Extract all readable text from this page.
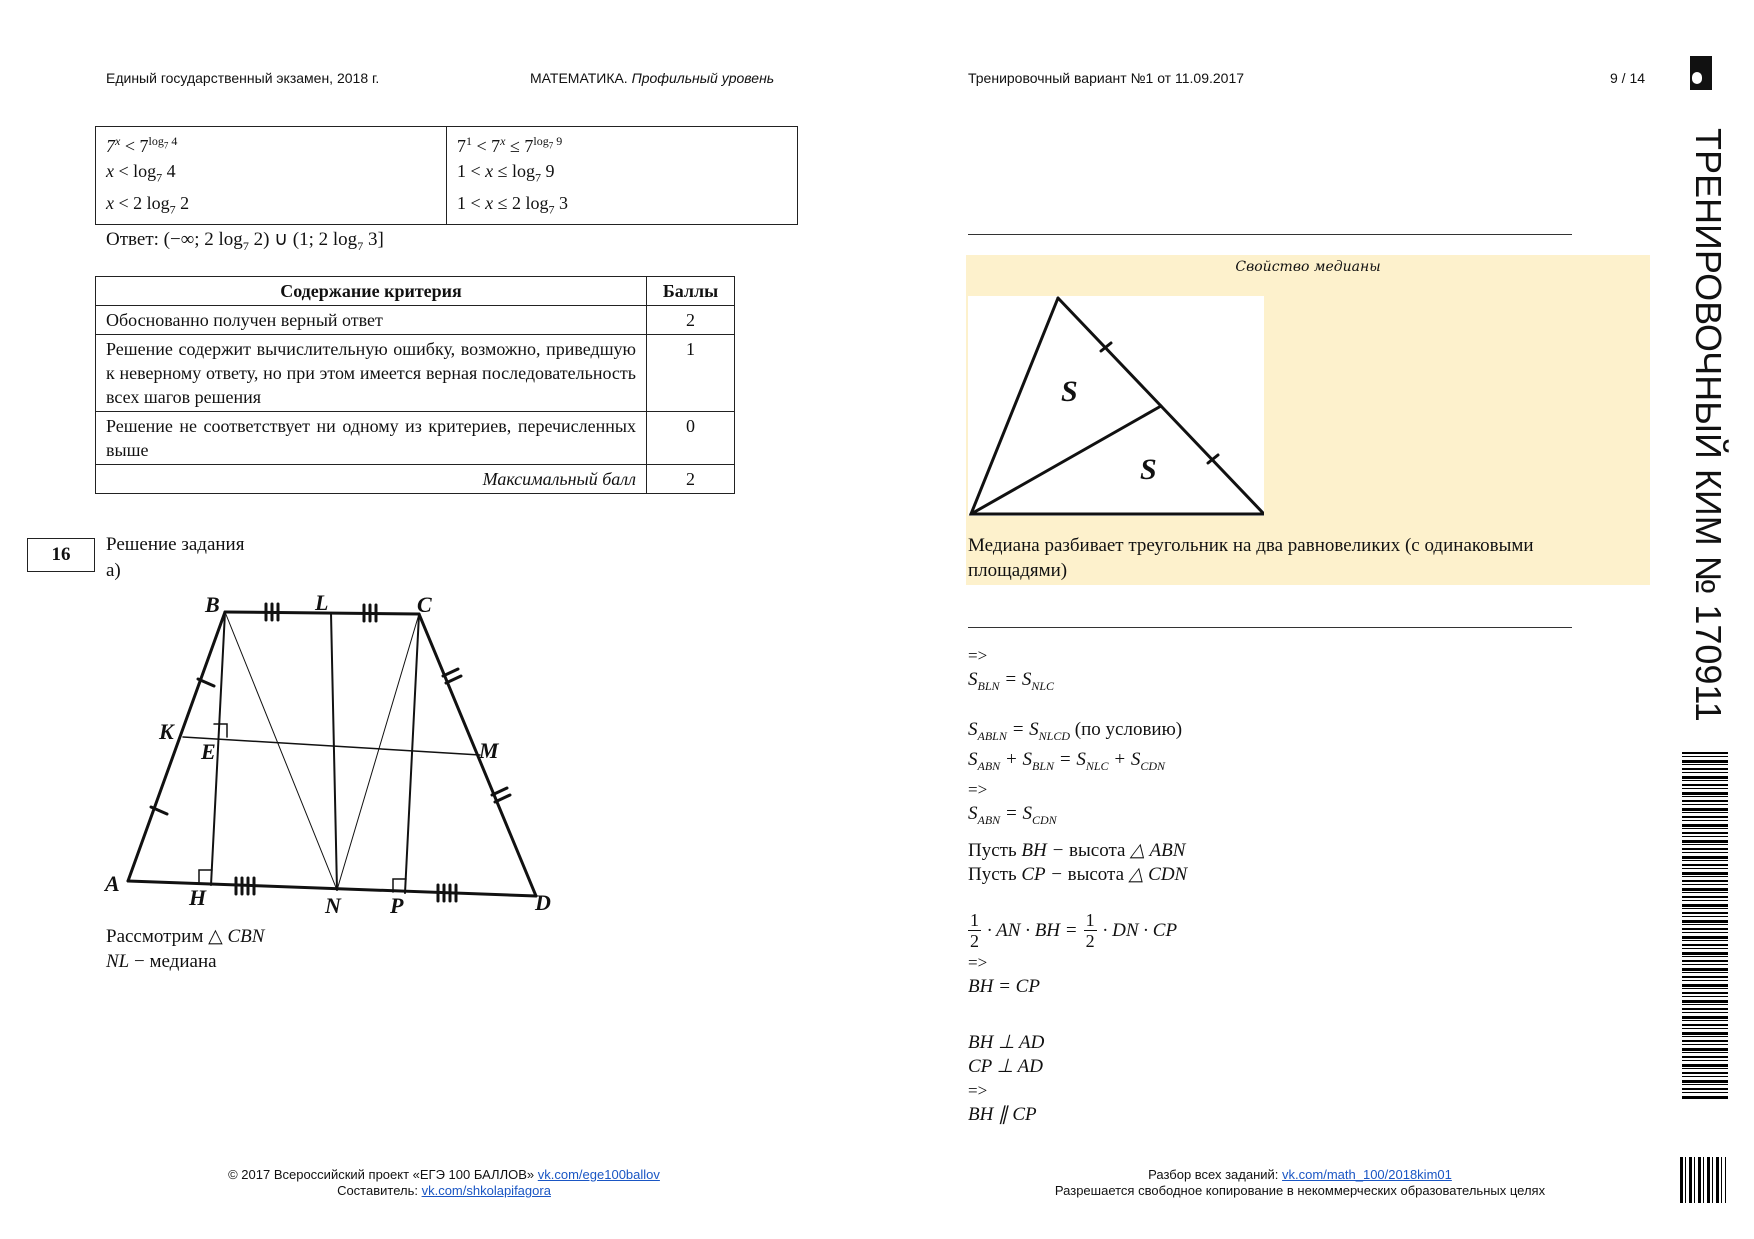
Единый государственный экзамен, 2018 г.	МАТЕМАТИКА. Профильный уровень	Тренировочный вариант №1 от 11.09.2017	9 / 14
ТРЕНИРОВОЧНЫЙ КИМ № 170911
$7^x < 7^{log_7 4}$
$x < \log_7 4$
x < 2 $\log_7 2$

$7^1 < 7^x \le 7^{log_7 9}$
$1 < x \le \log_7 9$
1 < x ≤ 2 $\log_7 3$
Ответ: (−∞; 2 $\log_7 2$) ∪ (1; 2 $\log_7 3$]
Содержание критерия	Баллы
Обоснованно получен верный ответ	2
Решение содержит вычислительную ошибку, возможно, приведшую к неверному ответу, но при этом имеется верная последовательность всех шагов решения	1
Решение не соответствует ни одному из критериев, перечисленных выше	0
Максимальный балл	2
16	Решение задания
а)
B	L	C
K
E	M
A
H	N P	D
Рассмотрим △ CBN
NL − медиана
Свойство медианы
S
S
Медиана разбивает треугольник на два равновеликих (с одинаковыми площадями)
=>
$S_{BLN} = S_{NLC}$
$S_{ABLN} = S_{NLCD}$ (по условию)
$S_{ABN} + S_{BLN} = S_{NLC} + S_{CDN}$
=>
$S_{ABN} = S_{CDN}$
Пусть BH − высота △ ABN
Пусть CP − высота △ CDN
1
2
· AN · BH = $\frac{1}{2}$ · DN · CP
=>
BH = CP
BH ⊥ AD
CP ⊥ AD
=>
BH ∥ CP
© 2017 Всероссийский проект «ЕГЭ 100 БАЛЛОВ» vk.com/ege100ballov
Составитель: vk.com/shkolapifagora
Разбор всех заданий: vk.com/math_100/2018kim01
Разрешается свободное копирование в некоммерческих образовательных целях
